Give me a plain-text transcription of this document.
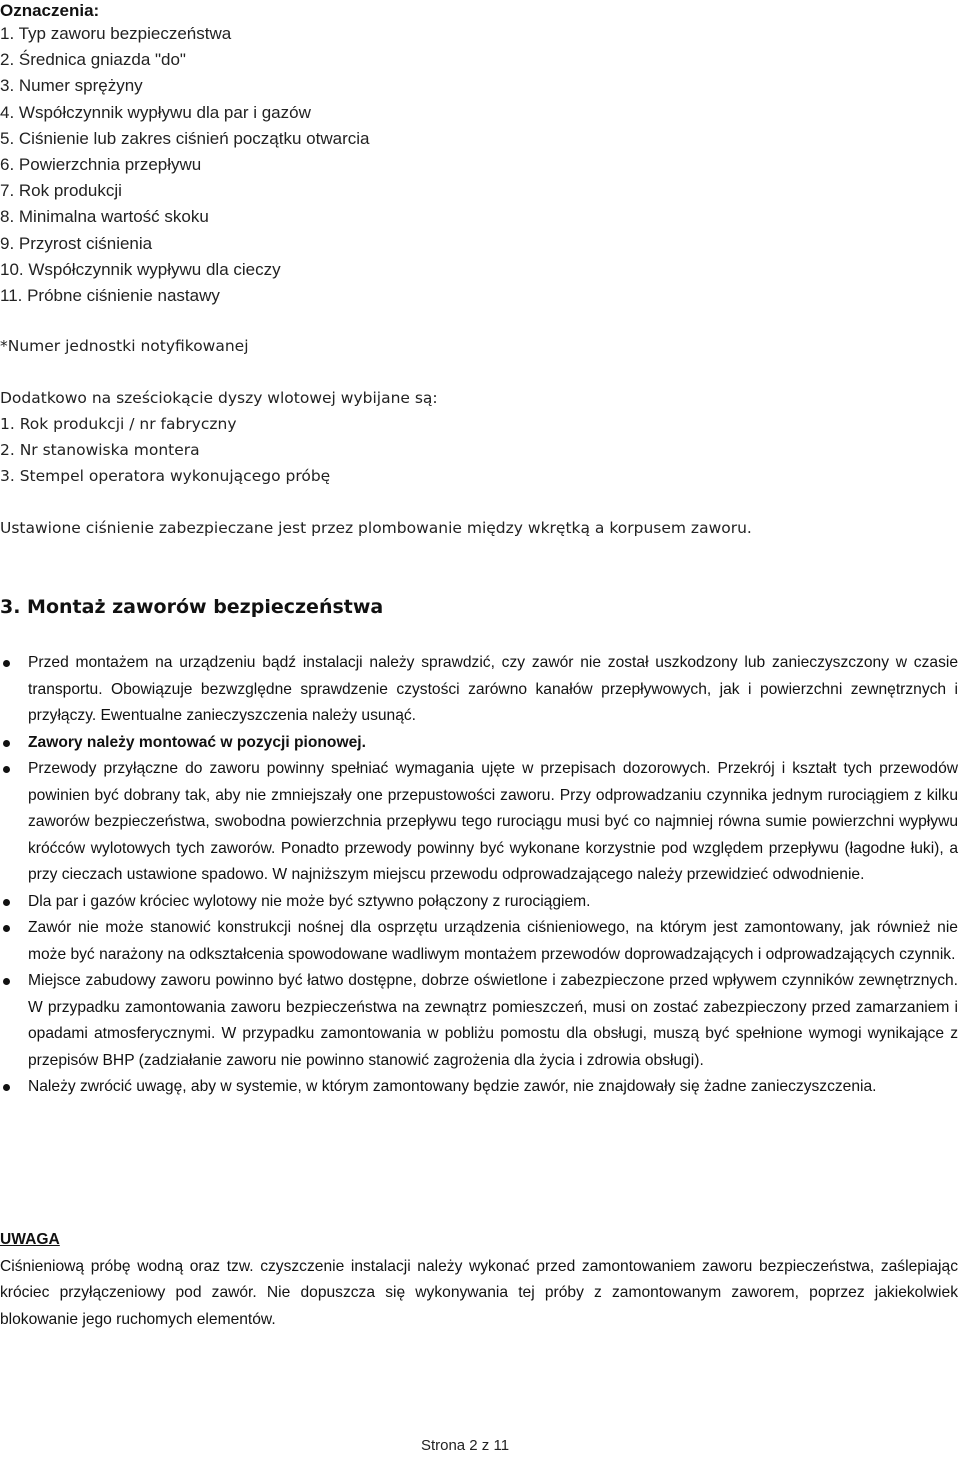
Oznaczenia:
1. Typ zaworu bezpieczeństwa
2. Średnica gniazda "do"
3. Numer sprężyny
4. Współczynnik wypływu dla par i gazów
5. Ciśnienie lub zakres ciśnień początku otwarcia
6. Powierzchnia przepływu
7. Rok produkcji
8. Minimalna wartość skoku
9. Przyrost ciśnienia
10. Współczynnik wypływu dla cieczy
11. Próbne ciśnienie nastawy

*Numer jednostki notyfikowanej

Dodatkowo na sześciokącie dyszy wlotowej wybijane są:
1. Rok produkcji / nr fabryczny
2. Nr stanowiska montera
3. Stempel operatora wykonującego próbę

Ustawione ciśnienie zabezpieczane jest przez plombowanie między wkrętką a korpusem zaworu.

3. Montaż zaworów bezpieczeństwa
Przed montażem na urządzeniu bądź instalacji należy sprawdzić, czy zawór nie został uszkodzony lub zanieczyszczony w czasie transportu. Obowiązuje bezwzględne sprawdzenie czystości zarówno kanałów przepływowych, jak i powierzchni zewnętrznych i przyłączy. Ewentualne zanieczyszczenia należy usunąć.
Zawory należy montować w pozycji pionowej.
Przewody przyłączne do zaworu powinny spełniać wymagania ujęte w przepisach dozorowych. Przekrój i kształt tych przewodów powinien być dobrany tak, aby nie zmniejszały one przepustowości zaworu. Przy odprowadzaniu czynnika jednym rurociągiem z kilku zaworów bezpieczeństwa, swobodna powierzchnia przepływu tego rurociągu musi być co najmniej równa sumie powierzchni wypływu króćców wylotowych tych zaworów. Ponadto przewody powinny być wykonane korzystnie pod względem przepływu (łagodne łuki), a przy cieczach ustawione spadowo. W najniższym miejscu przewodu odprowadzającego należy przewidzieć odwodnienie.
Dla par i gazów króciec wylotowy nie może być sztywno połączony z rurociągiem.
Zawór nie może stanowić konstrukcji nośnej dla osprzętu urządzenia ciśnieniowego, na którym jest zamontowany, jak również nie może być narażony na odkształcenia spowodowane wadliwym montażem przewodów doprowadzających i odprowadzających czynnik.
Miejsce zabudowy zaworu powinno być łatwo dostępne, dobrze oświetlone i zabezpieczone przed wpływem czynników zewnętrznych. W przypadku zamontowania zaworu bezpieczeństwa na zewnątrz pomieszczeń, musi on zostać zabezpieczony przed zamarzaniem i opadami atmosferycznymi. W przypadku zamontowania w pobliżu pomostu dla obsługi, muszą być spełnione wymogi wynikające z przepisów BHP (zadziałanie zaworu nie powinno stanowić zagrożenia dla życia i zdrowia obsługi).
Należy zwrócić uwagę, aby w systemie, w którym zamontowany będzie zawór, nie znajdowały się żadne zanieczyszczenia.
UWAGA
Ciśnieniową próbę wodną oraz tzw. czyszczenie instalacji należy wykonać przed zamontowaniem zaworu bezpieczeństwa, zaślepiając króciec przyłączeniowy pod zawór. Nie dopuszcza się wykonywania tej próby z zamontowanym zaworem, poprzez jakiekolwiek blokowanie jego ruchomych elementów.
Strona 2 z 11
